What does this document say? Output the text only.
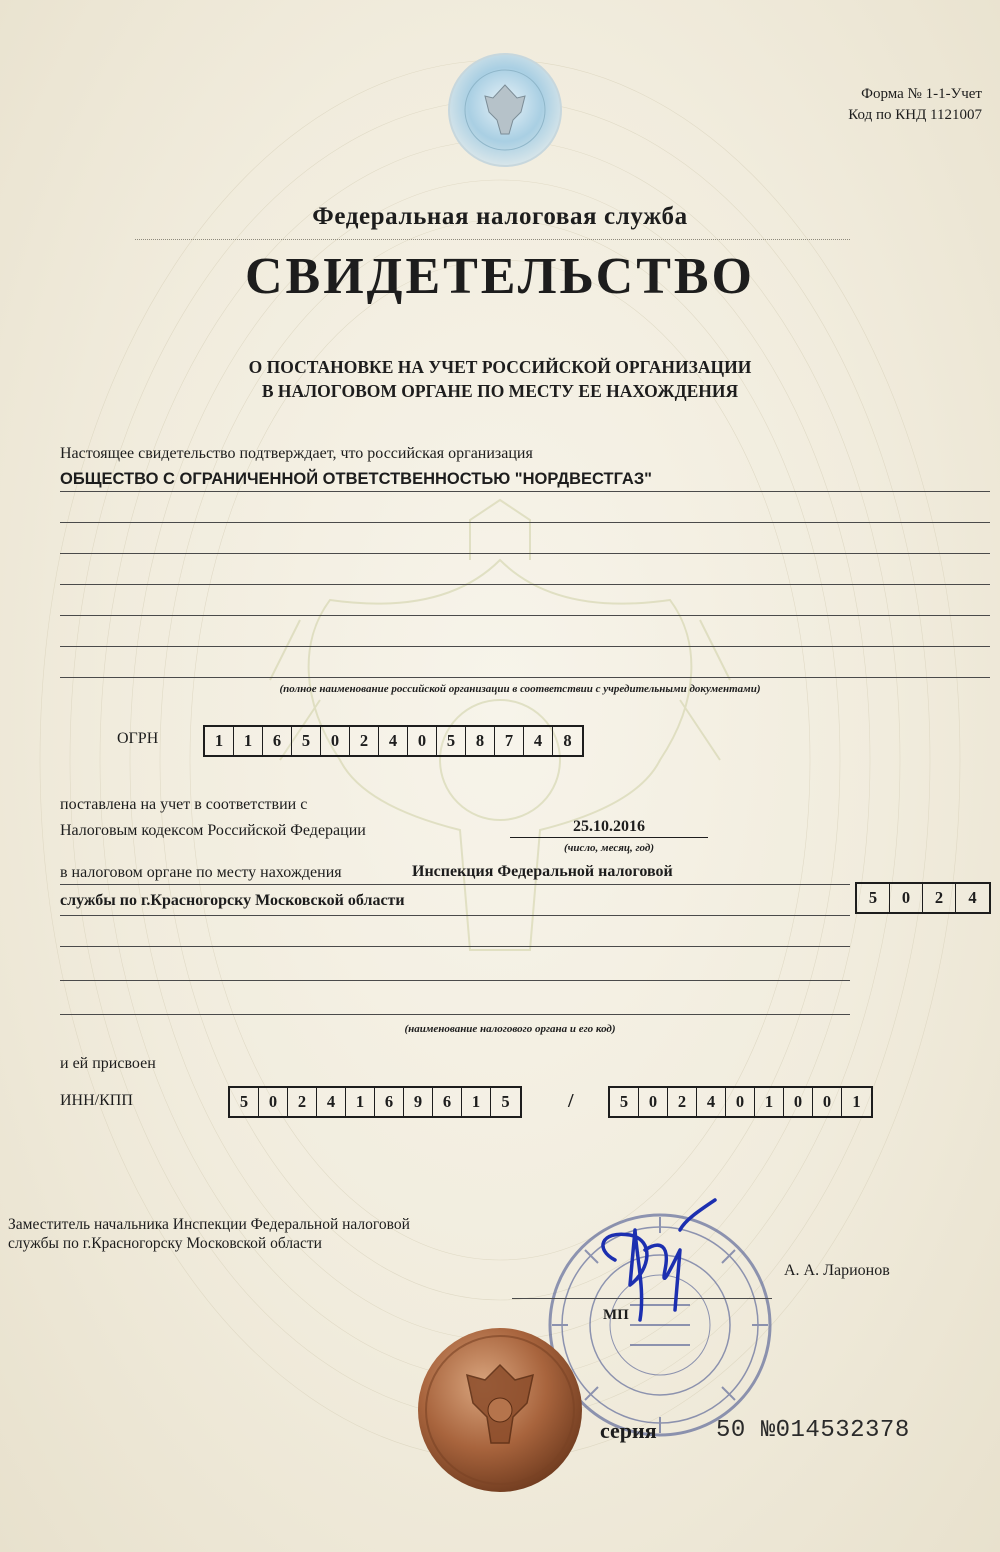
Форма № 1-1-Учет
Код по КНД 1121007
Федеральная налоговая служба
СВИДЕТЕЛЬСТВО
О ПОСТАНОВКЕ НА УЧЕТ РОССИЙСКОЙ ОРГАНИЗАЦИИ
В НАЛОГОВОМ ОРГАНЕ ПО МЕСТУ ЕЕ НАХОЖДЕНИЯ
Настоящее свидетельство подтверждает, что российская организация
ОБЩЕСТВО С ОГРАНИЧЕННОЙ ОТВЕТСТВЕННОСТЬЮ "НОРДВЕСТГАЗ"
(полное наименование российской организации в соответствии с учредительными документами)
ОГРН	1	1	6	5	0	2	4	0	5	8	7	4	8
поставлена на учет в соответствии с
Налоговым кодексом Российской Федерации	25.10.2016
(число, месяц, год)
в налоговом органе по месту нахождения	Инспекция Федеральной налоговой
службы по г.Красногорску Московской области	5	0	2	4
(наименование налогового органа и его код)
и ей присвоен
ИНН/КПП	5	0	2	4	1	6	9	6	1	5	/	5	0	2	4	0	1	0	0	1
Заместитель начальника Инспекции Федеральной налоговой службы по г.Красногорску Московской области
МП
А. А. Ларионов
серия 50 №014532378
